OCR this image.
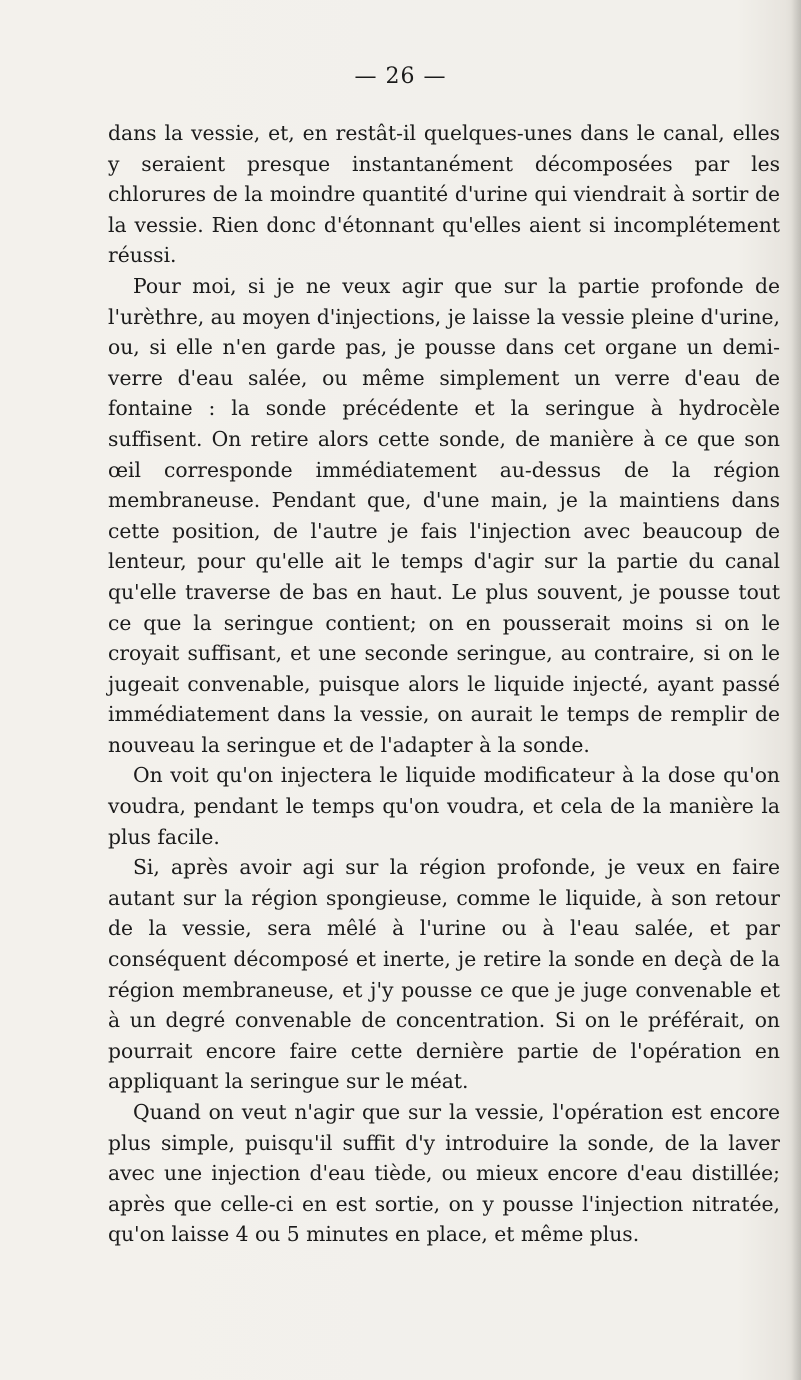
— 26 —

dans la vessie, et, en restât-il quelques-unes dans le canal, elles y seraient presque instantanément décomposées par les chlorures de la moindre quantité d'urine qui viendrait à sortir de la vessie. Rien donc d'étonnant qu'elles aient si incomplétement réussi.

Pour moi, si je ne veux agir que sur la partie profonde de l'urèthre, au moyen d'injections, je laisse la vessie pleine d'urine, ou, si elle n'en garde pas, je pousse dans cet organe un demi-verre d'eau salée, ou même simplement un verre d'eau de fontaine : la sonde précédente et la seringue à hydrocèle suffisent. On retire alors cette sonde, de manière à ce que son œil corresponde immédiatement au-dessus de la région membraneuse. Pendant que, d'une main, je la maintiens dans cette position, de l'autre je fais l'injection avec beaucoup de lenteur, pour qu'elle ait le temps d'agir sur la partie du canal qu'elle traverse de bas en haut. Le plus souvent, je pousse tout ce que la seringue contient; on en pousserait moins si on le croyait suffisant, et une seconde seringue, au contraire, si on le jugeait convenable, puisque alors le liquide injecté, ayant passé immédiatement dans la vessie, on aurait le temps de remplir de nouveau la seringue et de l'adapter à la sonde.

On voit qu'on injectera le liquide modificateur à la dose qu'on voudra, pendant le temps qu'on voudra, et cela de la manière la plus facile.

Si, après avoir agi sur la région profonde, je veux en faire autant sur la région spongieuse, comme le liquide, à son retour de la vessie, sera mêlé à l'urine ou à l'eau salée, et par conséquent décomposé et inerte, je retire la sonde en deçà de la région membraneuse, et j'y pousse ce que je juge convenable et à un degré convenable de concentration. Si on le préférait, on pourrait encore faire cette dernière partie de l'opération en appliquant la seringue sur le méat.

Quand on veut n'agir que sur la vessie, l'opération est encore plus simple, puisqu'il suffit d'y introduire la sonde, de la laver avec une injection d'eau tiède, ou mieux encore d'eau distillée; après que celle-ci en est sortie, on y pousse l'injection nitratée, qu'on laisse 4 ou 5 minutes en place, et même plus.
